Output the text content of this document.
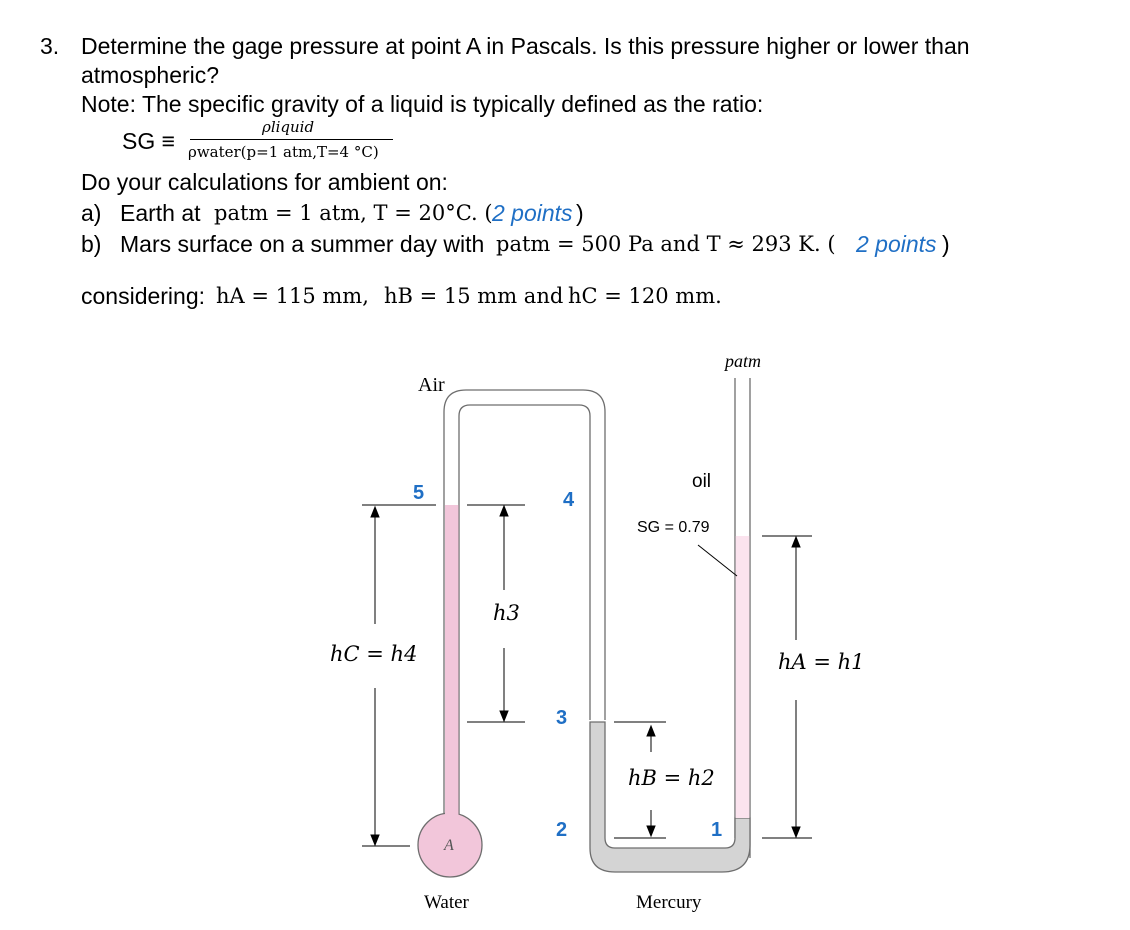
3. Determine the gage pressure at point A in Pascals. Is this pressure higher or lower than
atmospheric?
Note: The specific gravity of a liquid is typically defined as the ratio:
SG ≡
ρliquid
ρwater(p=1 atm,T=4 °C)
Do your calculations for ambient on:
a) Earth at patm = 1 atm, T = 20°C. ( 2 points )
b) Mars surface on a summer day with patm = 500 Pa and T ≈ 293 K. ( 2 points )
considering: hA = 115 mm, hB = 15 mm and hC = 120 mm.
Air
Water	Mercury
patm
oil
SG = 0.79
A
hC = h4
h3
hB = h2
hA = h1
5	4
3
2	1
